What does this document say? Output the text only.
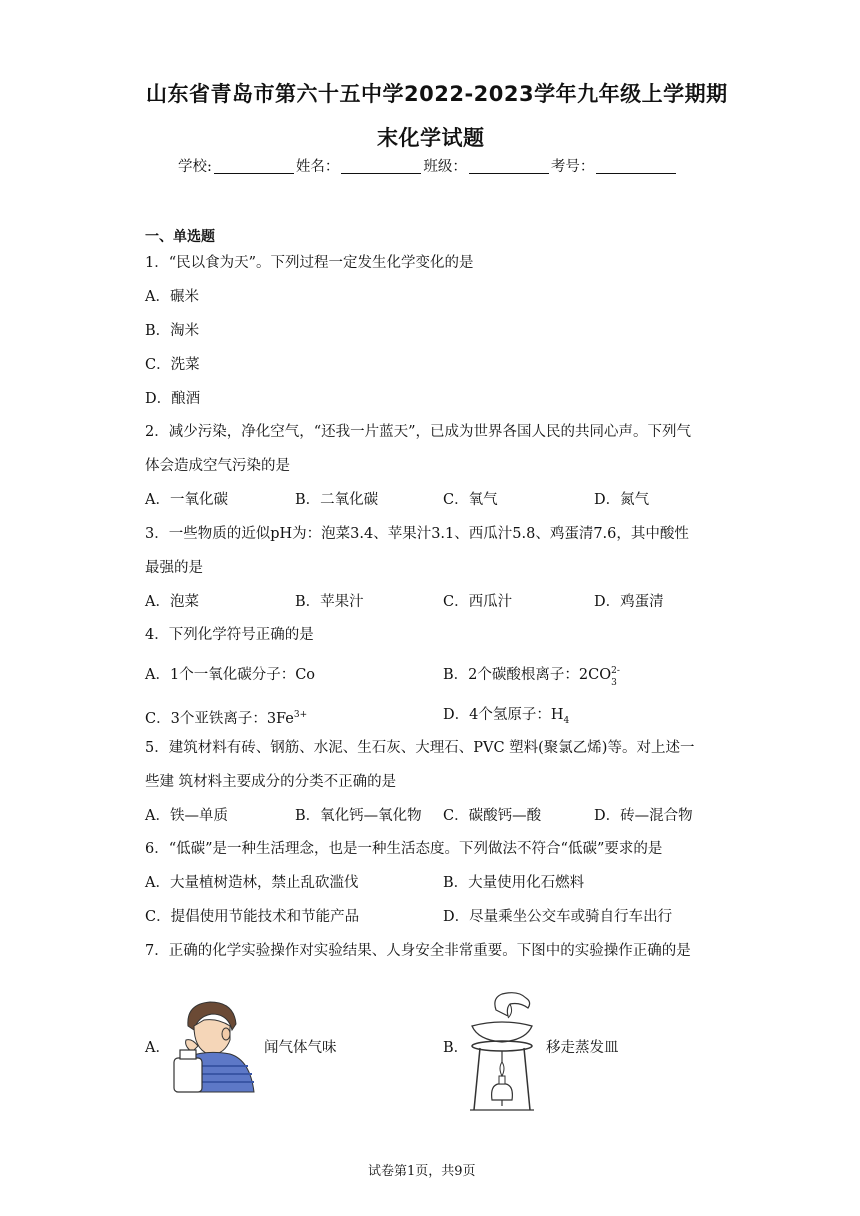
山东省青岛市第六十五中学2022-2023学年九年级上学期期
末化学试题
学校:	姓名：	班级：	考号：
一、单选题
1．“民以食为天”。下列过程一定发生化学变化的是
A．碾米
B．淘米
C．洗菜
D．酿酒
2．减少污染，净化空气，“还我一片蓝天”，已成为世界各国人民的共同心声。下列气
体会造成空气污染的是
A．一氧化碳	B．二氧化碳	C．氧气	D．氮气
3．一些物质的近似pH为：泡菜3.4、苹果汁3.1、西瓜汁5.8、鸡蛋清7.6，其中酸性
最强的是
A．泡菜	B．苹果汁	C．西瓜汁	D．鸡蛋清
4．下列化学符号正确的是
A．1个一氧化碳分子：Co	B．2个碳酸根离子：2CO 2-
3
C．3个亚铁离子：$3Fe^{3+}$	D．4个氢原子：$H_4$
5．建筑材料有砖、钢筋、水泥、生石灰、大理石、PVC 塑料(聚氯乙烯)等。对上述一
些建 筑材料主要成分的分类不正确的是
A．铁—单质	B．氧化钙—氧化物 C．碳酸钙—酸	D．砖—混合物
6．“低碳”是一种生活理念，也是一种生活态度。下列做法不符合“低碳”要求的是
A．大量植树造林，禁止乱砍滥伐	B．大量使用化石燃料
C．提倡使用节能技术和节能产品	D．尽量乘坐公交车或骑自行车出行
7．正确的化学实验操作对实验结果、人身安全非常重要。下图中的实验操作正确的是
A．	闻气体气味	B．	移走蒸发皿
试卷第1页，共9页
